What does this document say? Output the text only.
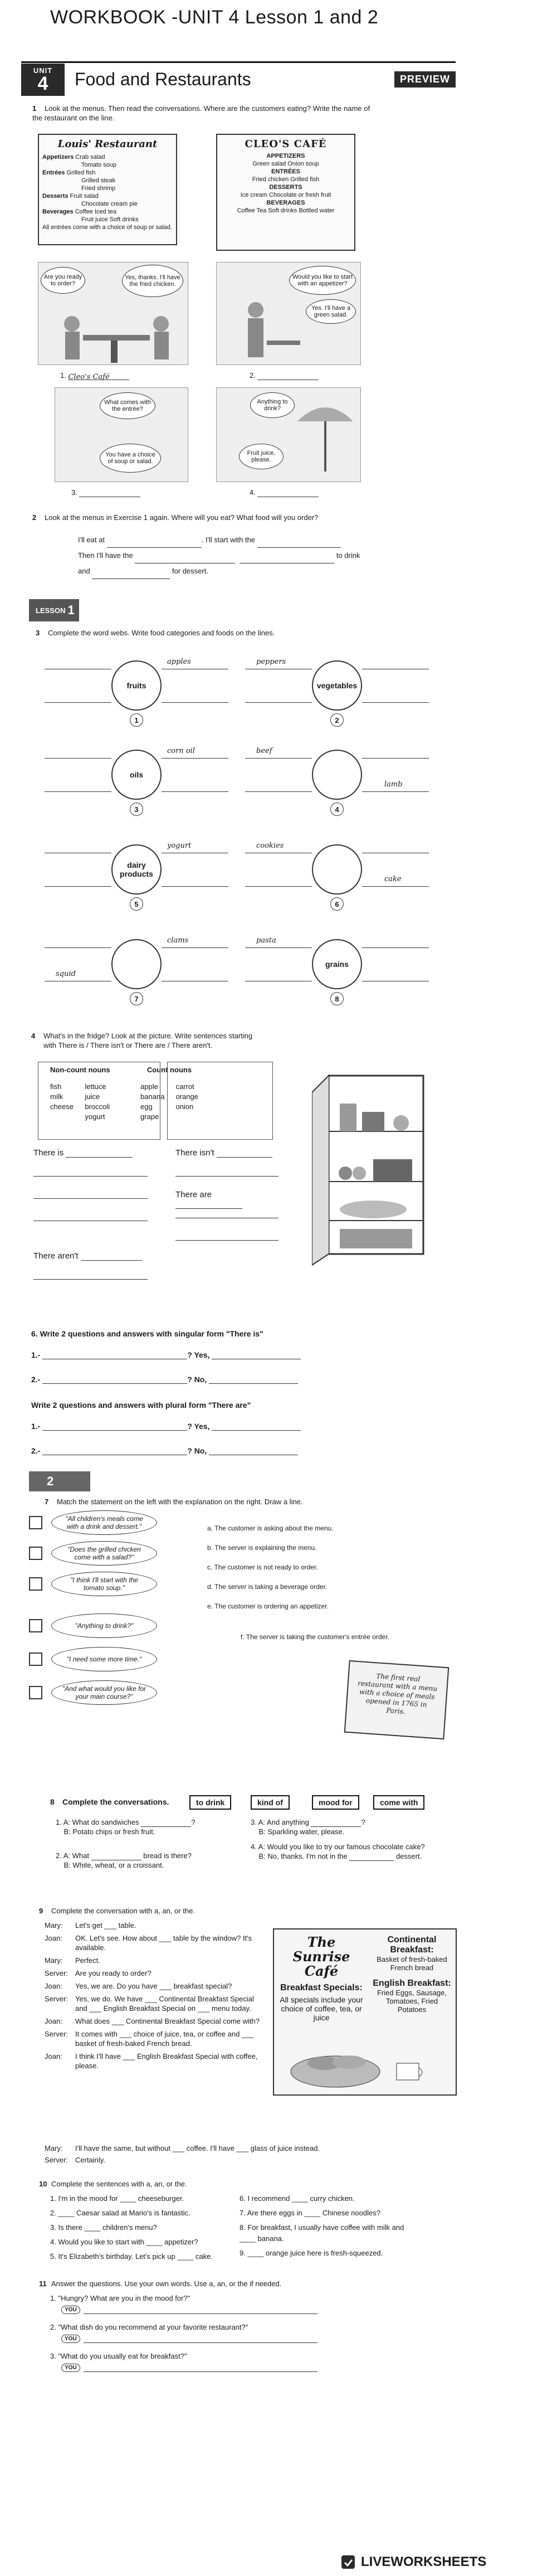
WORKBOOK -UNIT 4 Lesson 1 and 2
UNIT
4 Food and Restaurants	PREVIEW
1 Look at the menus. Then read the conversations. Where are the customers eating? Write the name of the restaurant on the line.
Louis' Restaurant
Appetizers Crab salad
Tomato soup
Entrées Grilled fish
Grilled steak
Fried shrimp
Desserts Fruit salad
Chocolate cream pie
Beverages Coffee Iced tea
Fruit juice Soft drinks
All entrées come with a choice of soup or salad.
CLEO'S CAFÉ
APPETIZERS
Green salad Onion soup
ENTRÉES
Fried chicken Grilled fish
DESSERTS
Ice cream Chocolate or fresh fruit
BEVERAGES
Coffee Tea Soft drinks Bottled water
Are you ready to order?
Yes, thanks. I'll have the fried chicken.
Would you like to start with an appetizer?
Yes. I'll have a green salad.
1. Cleo's Café	2.
What comes with the entrée?
You have a choice of soup or salad.
Anything to drink?
Fruit juice, please.
3.	4.
2 Look at the menus in Exercise 1 again. Where will you eat? What food will you order?
I'll eat at	. I'll start with the
Then I'll have the	to drink
and	for dessert.
LESSON 1
3 Complete the word webs. Write food categories and foods on the lines.
fruits
1
apples
vegetables
2
peppers
oils
3
corn oil
4
beef
lamb
dairy products
5
yogurt
6
cookies
cake
7
clams
squid
grains
8
pasta
4 What's in the fridge? Look at the picture. Write sentences starting
with There is / There isn't or There are / There aren't.
Non-count nouns

fish
milk
cheese

lettuce
juice
broccoli
yogurt
Count nouns

apple
banana
egg
grape

carrot
orange
onion
There is	There isn't
There are
There aren't
6. Write 2 questions and answers with singular form "There is"
1.-	? Yes,
2.-	? No,
Write 2 questions and answers with plural form "There are"
1.-	? Yes,
2.-	? No,
2
7 Match the statement on the left with the explanation on the right. Draw a line.
"All children's meals come with a drink and dessert."
"Does the grilled chicken come with a salad?"
"I think I'll start with the tomato soup."
"Anything to drink?"
"I need some more time."
"And what would you like for your main course?"
a. The customer is asking about the menu.
b. The server is explaining the menu.
c. The customer is not ready to order.
d. The server is taking a beverage order.
e. The customer is ordering an appetizer.
f. The server is taking the customer's entrée order.
The first real restaurant with a menu with a choice of meals opened in 1765 in Paris.
8 Complete the conversations.	to drink	kind of	mood for	come with
1. A: What do sandwiches	?
B: Potato chips or fresh fruit.
2. A: What	bread is there?
B: White, wheat, or a croissant.
3. A: And anything	?
B: Sparkling water, please.
4. A: Would you like to try our famous chocolate cake?
B: No, thanks. I'm not in the	dessert.
9 Complete the conversation with a, an, or the.
Mary:	Let's get ___ table.
Joan:	OK. Let's see. How about ___ table by the window? It's available.
Mary:	Perfect.
Server:	Are you ready to order?
Joan:	Yes, we are. Do you have ___ breakfast special?
Server:	Yes, we do. We have ___ Continental Breakfast Special and ___ English Breakfast Special on ___ menu today.
Joan:	What does ___ Continental Breakfast Special come with?
Server:	It comes with ___ choice of juice, tea, or coffee and ___ basket of fresh-baked French bread.
Joan:	I think I'll have ___ English Breakfast Special with coffee, please.
The Sunrise Café
Breakfast Specials:
All specials include your choice of coffee, tea, or juice
Continental Breakfast:
Basket of fresh-baked French bread
English Breakfast:
Fried Eggs, Sausage, Tomatoes, Fried Potatoes
Mary:	I'll have the same, but without ___ coffee. I'll have ___ glass of juice instead.
Server:	Certainly.
10 Complete the sentences with a, an, or the.
1. I'm in the mood for ____ cheeseburger.
2. ____ Caesar salad at Mario's is fantastic.
3. Is there ____ children's menu?
4. Would you like to start with ____ appetizer?
5. It's Elizabeth's birthday. Let's pick up ____ cake.
6. I recommend ____ curry chicken.
7. Are there eggs in ____ Chinese noodles?
8. For breakfast, I usually have coffee with milk and ____ banana.
9. ____ orange juice here is fresh-squeezed.
11 Answer the questions. Use your own words. Use a, an, or the if needed.
1. "Hungry? What are you in the mood for?"
YOU
2. "What dish do you recommend at your favorite restaurant?"
YOU
3. "What do you usually eat for breakfast?"
YOU
LIVEWORKSHEETS
